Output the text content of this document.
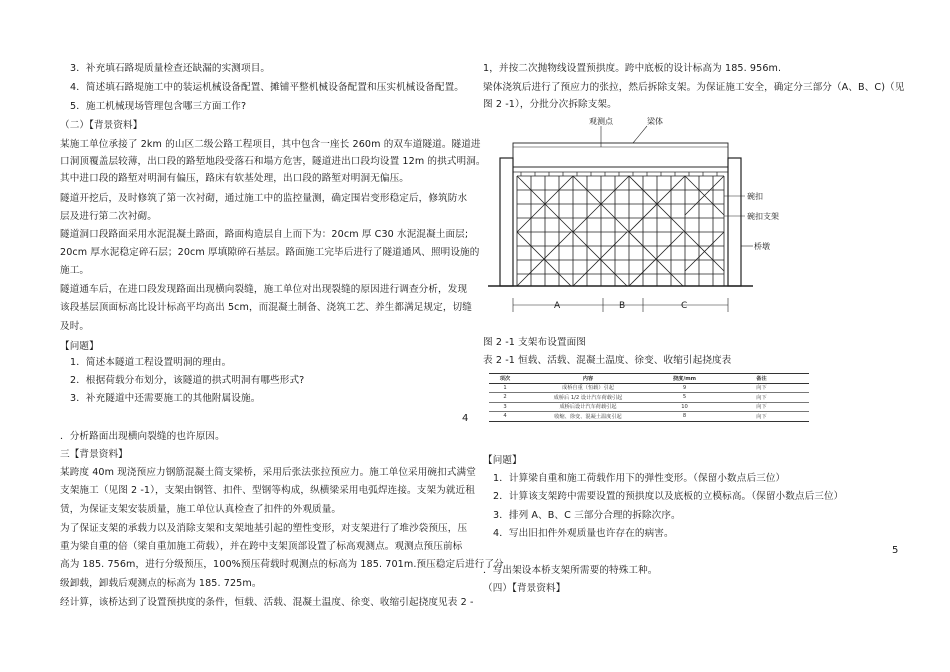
3．补充填石路堤质量检查还缺漏的实测项目。
4．简述填石路堤施工中的装运机械设备配置、摊铺平整机械设备配置和压实机械设备配置。
5．施工机械现场管理包含哪三方面工作?
（二）【背景资料】
某施工单位承接了 2km 的山区二级公路工程项目，其中包含一座长 260m 的双车道隧道。隧道进
口洞顶覆盖层较薄，出口段的路堑地段受落石和塌方危害，隧道进出口段均设置 12m 的拱式明洞。
其中进口段的路堑对明洞有偏压，路床有软基处理，出口段的路堑对明洞无偏压。
隧道开挖后，及时修筑了第一次衬砌，通过施工中的监控量测，确定围岩变形稳定后，修筑防水
层及进行第二次衬砌。
隧道洞口段路面采用水泥混凝土路面，路面构造层自上而下为：20cm 厚 C30 水泥混凝土面层;
20cm 厚水泥稳定碎石层；20cm 厚填隙碎石基层。路面施工完毕后进行了隧道通风、照明设施的
施工。
隧道通车后，在进口段发现路面出现横向裂缝，施工单位对出现裂缝的原因进行调查分析，发现
该段基层顶面标高比设计标高平均高出 5cm，而混凝土制备、浇筑工艺、养生都满足规定，切缝
及时。
【问题】
1．简述本隧道工程设置明洞的理由。
2．根据荷载分布划分，该隧道的拱式明洞有哪些形式?
3．补充隧道中还需要施工的其他附属设施。
．分析路面出现横向裂缝的也许原因。
三【背景资料】
某跨度 40m 现浇预应力钢筋混凝土简支梁桥，采用后张法张拉预应力。施工单位采用碗扣式满堂
支架施工（见图 2 -1），支架由钢管、扣件、型钢等构成，纵横梁采用电弧焊连接。支架为就近租
赁，为保证支架安装质量，施工单位认真检查了扣件的外观质量。
为了保证支架的承载力以及消除支架和支架地基引起的塑性变形，对支架进行了堆沙袋预压，压
重为梁自重的倍（梁自重加施工荷载），并在跨中支架顶部设置了标高观测点。观测点预压前标
高为 185. 756m，进行分级预压，100%预压荷载时观测点的标高为 185. 701m.预压稳定后进行了分
级卸载，卸载后观测点的标高为 185. 725m。
经计算，该桥达到了设置预拱度的条件，恒载、活载、混凝土温度、徐变、收缩引起挠度见表 2 -
4
1，并按二次抛物线设置预拱度。跨中底板的设计标高为 185. 956m.
梁体浇筑后进行了预应力的张拉，然后拆除支架。为保证施工安全，确定分三部分（A、B、C)（见
图 2 -1），分批分次拆除支架。
观测点	梁体
碗扣
碗扣支架
桥墩
A	B	C
图 2 -1 支架布设置面图
表 2 -1 恒载、活载、混凝土温度、徐变、收缩引起挠度表
项次	内容	挠度/mm	备注
1	成桥自重（恒载）引起	9	向下
2	成桥后 1/2 设计汽车荷载引起	5	向下
3	成桥后设计汽车荷载引起	10	向下
4	收缩、徐变、混凝土温度引起	8	向下
【问题】
1．计算梁自重和施工荷载作用下的弹性变形。（保留小数点后三位）
2．计算该支架跨中需要设置的预拱度以及底板的立模标高。（保留小数点后三位）
3．排列 A、B、C 三部分合理的拆除次序。
4．写出旧扣件外观质量也许存在的病害。
．写出架设本桥支架所需要的特殊工种。
（四）【背景资料】
5
